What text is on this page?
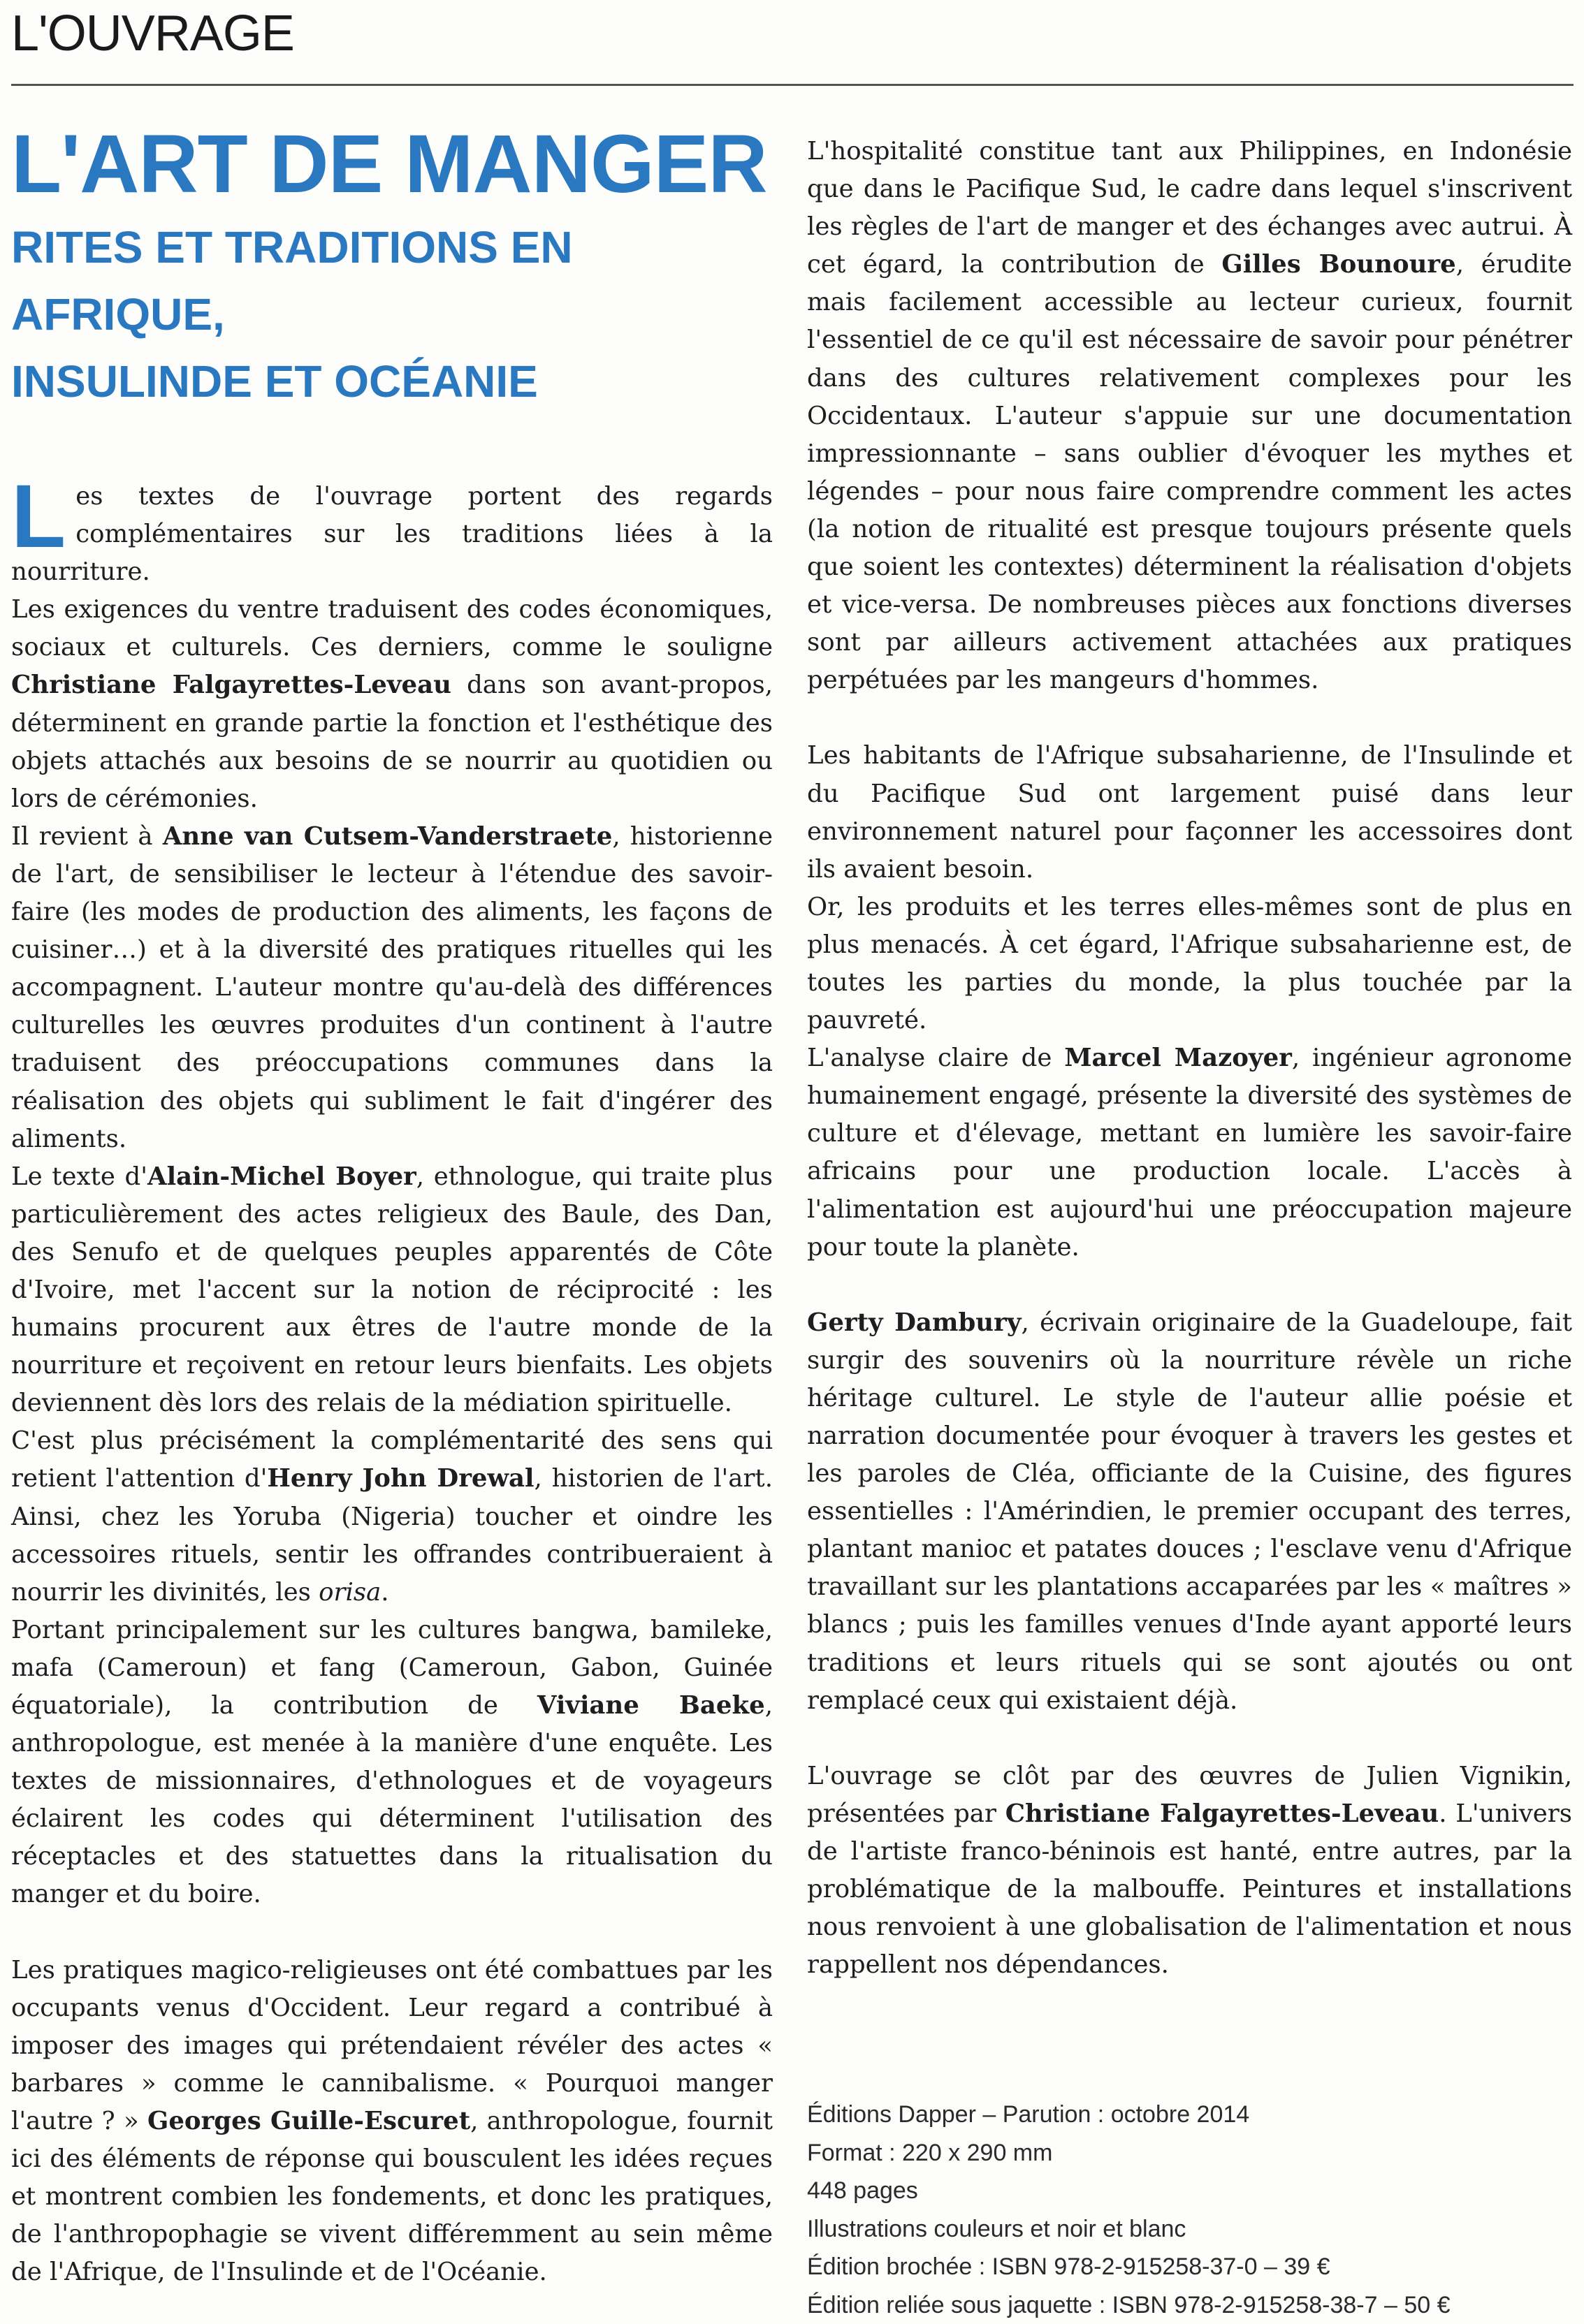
L'OUVRAGE
L'ART DE MANGER
RITES ET TRADITIONS EN AFRIQUE,
INSULINDE ET OCÉANIE

Les textes de l'ouvrage portent des regards complémentaires sur les traditions liées à la nourriture.

Les exigences du ventre traduisent des codes économiques, sociaux et culturels. Ces derniers, comme le souligne Christiane Falgayrettes-Leveau dans son avant-propos, déterminent en grande partie la fonction et l'esthétique des objets attachés aux besoins de se nourrir au quotidien ou lors de cérémonies.

Il revient à Anne van Cutsem-Vanderstraete, historienne de l'art, de sensibiliser le lecteur à l'étendue des savoir-faire (les modes de production des aliments, les façons de cuisiner…) et à la diversité des pratiques rituelles qui les accompagnent. L'auteur montre qu'au-delà des différences culturelles les œuvres produites d'un continent à l'autre traduisent des préoccupations communes dans la réalisation des objets qui subliment le fait d'ingérer des aliments.

Le texte d'Alain-Michel Boyer, ethnologue, qui traite plus particulièrement des actes religieux des Baule, des Dan, des Senufo et de quelques peuples apparentés de Côte d'Ivoire, met l'accent sur la notion de réciprocité : les humains procurent aux êtres de l'autre monde de la nourriture et reçoivent en retour leurs bienfaits. Les objets deviennent dès lors des relais de la médiation spirituelle.

C'est plus précisément la complémentarité des sens qui retient l'attention d'Henry John Drewal, historien de l'art. Ainsi, chez les Yoruba (Nigeria) toucher et oindre les accessoires rituels, sentir les offrandes contribueraient à nourrir les divinités, les orisa.

Portant principalement sur les cultures bangwa, bamileke, mafa (Cameroun) et fang (Cameroun, Gabon, Guinée équatoriale), la contribution de Viviane Baeke, anthropologue, est menée à la manière d'une enquête. Les textes de missionnaires, d'ethnologues et de voyageurs éclairent les codes qui déterminent l'utilisation des réceptacles et des statuettes dans la ritualisation du manger et du boire.

Les pratiques magico-religieuses ont été combattues par les occupants venus d'Occident. Leur regard a contribué à imposer des images qui prétendaient révéler des actes « barbares » comme le cannibalisme. « Pourquoi manger l'autre ? » Georges Guille-Escuret, anthropologue, fournit ici des éléments de réponse qui bousculent les idées reçues et montrent combien les fondements, et donc les pratiques, de l'anthropophagie se vivent différemment au sein même de l'Afrique, de l'Insulinde et de l'Océanie.

L'hospitalité constitue tant aux Philippines, en Indonésie que dans le Pacifique Sud, le cadre dans lequel s'inscrivent les règles de l'art de manger et des échanges avec autrui. À cet égard, la contribution de Gilles Bounoure, érudite mais facilement accessible au lecteur curieux, fournit l'essentiel de ce qu'il est nécessaire de savoir pour pénétrer dans des cultures relativement complexes pour les Occidentaux. L'auteur s'appuie sur une documentation impressionnante – sans oublier d'évoquer les mythes et légendes – pour nous faire comprendre comment les actes (la notion de ritualité est presque toujours présente quels que soient les contextes) déterminent la réalisation d'objets et vice-versa. De nombreuses pièces aux fonctions diverses sont par ailleurs activement attachées aux pratiques perpétuées par les mangeurs d'hommes.

Les habitants de l'Afrique subsaharienne, de l'Insulinde et du Pacifique Sud ont largement puisé dans leur environnement naturel pour façonner les accessoires dont ils avaient besoin.

Or, les produits et les terres elles-mêmes sont de plus en plus menacés. À cet égard, l'Afrique subsaharienne est, de toutes les parties du monde, la plus touchée par la pauvreté.

L'analyse claire de Marcel Mazoyer, ingénieur agronome humainement engagé, présente la diversité des systèmes de culture et d'élevage, mettant en lumière les savoir-faire africains pour une production locale. L'accès à l'alimentation est aujourd'hui une préoccupation majeure pour toute la planète.

Gerty Dambury, écrivain originaire de la Guadeloupe, fait surgir des souvenirs où la nourriture révèle un riche héritage culturel. Le style de l'auteur allie poésie et narration documentée pour évoquer à travers les gestes et les paroles de Cléa, officiante de la Cuisine, des figures essentielles : l'Amérindien, le premier occupant des terres, plantant manioc et patates douces ; l'esclave venu d'Afrique travaillant sur les plantations accaparées par les « maîtres » blancs ; puis les familles venues d'Inde ayant apporté leurs traditions et leurs rituels qui se sont ajoutés ou ont remplacé ceux qui existaient déjà.

L'ouvrage se clôt par des œuvres de Julien Vignikin, présentées par Christiane Falgayrettes-Leveau. L'univers de l'artiste franco-béninois est hanté, entre autres, par la problématique de la malbouffe. Peintures et installations nous renvoient à une globalisation de l'alimentation et nous rappellent nos dépendances.

Éditions Dapper – Parution : octobre 2014
Format : 220 x 290 mm
448 pages
Illustrations couleurs et noir et blanc
Édition brochée : ISBN 978-2-915258-37-0 – 39 €
Édition reliée sous jaquette : ISBN 978-2-915258-38-7 – 50 €
